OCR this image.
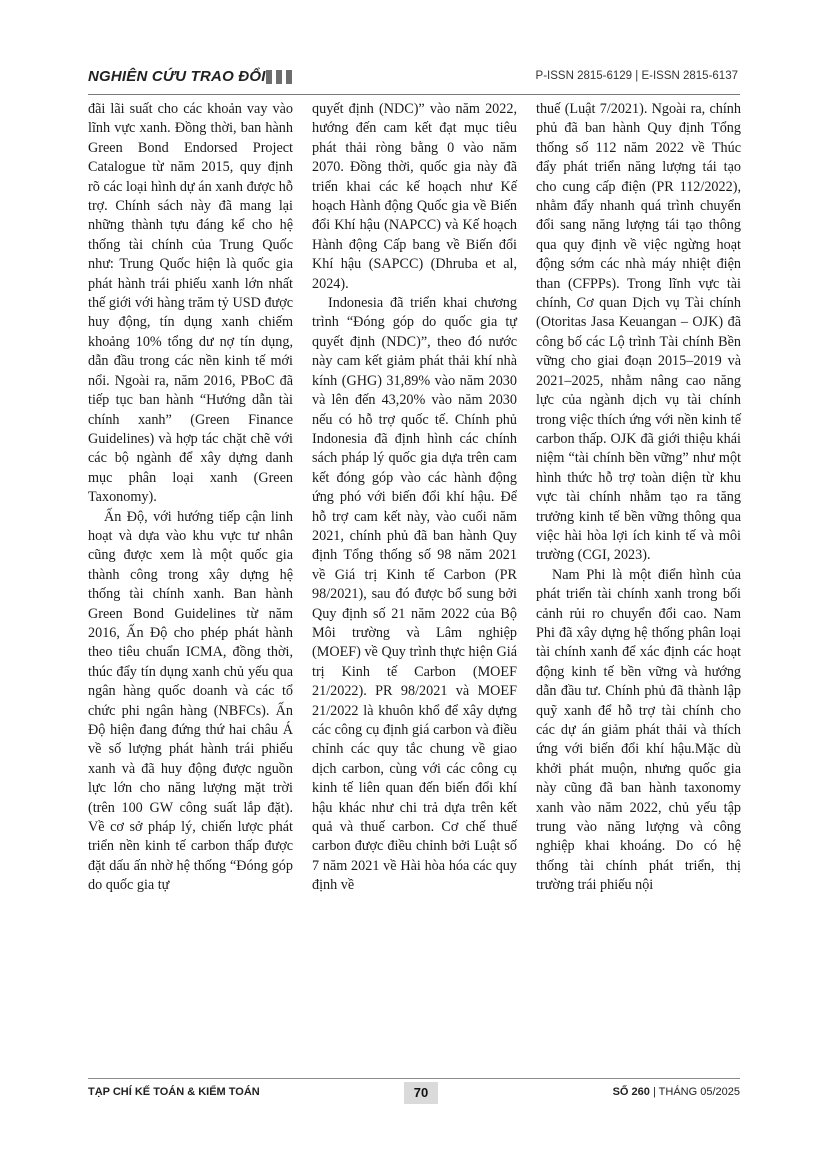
NGHIÊN CỨU TRAO ĐỔI	P-ISSN 2815-6129 | E-ISSN 2815-6137

đãi lãi suất cho các khoản vay vào lĩnh vực xanh. Đồng thời, ban hành Green Bond Endorsed Project Catalogue từ năm 2015, quy định rõ các loại hình dự án xanh được hỗ trợ. Chính sách này đã mang lại những thành tựu đáng kể cho hệ thống tài chính của Trung Quốc như: Trung Quốc hiện là quốc gia phát hành trái phiếu xanh lớn nhất thế giới với hàng trăm tỷ USD được huy động, tín dụng xanh chiếm khoảng 10% tổng dư nợ tín dụng, dẫn đầu trong các nền kinh tế mới nổi. Ngoài ra, năm 2016, PBoC đã tiếp tục ban hành “Hướng dẫn tài chính xanh” (Green Finance Guidelines) và hợp tác chặt chẽ với các bộ ngành để xây dựng danh mục phân loại xanh (Green Taxonomy).

Ấn Độ, với hướng tiếp cận linh hoạt và dựa vào khu vực tư nhân cũng được xem là một quốc gia thành công trong xây dựng hệ thống tài chính xanh. Ban hành Green Bond Guidelines từ năm 2016, Ấn Độ cho phép phát hành theo tiêu chuẩn ICMA, đồng thời, thúc đẩy tín dụng xanh chủ yếu qua ngân hàng quốc doanh và các tổ chức phi ngân hàng (NBFCs). Ấn Độ hiện đang đứng thứ hai châu Á về số lượng phát hành trái phiếu xanh và đã huy động được nguồn lực lớn cho năng lượng mặt trời (trên 100 GW công suất lắp đặt). Về cơ sở pháp lý, chiến lược phát triển nền kinh tế carbon thấp được đặt dấu ấn nhờ hệ thống “Đóng góp do quốc gia tự

quyết định (NDC)” vào năm 2022, hướng đến cam kết đạt mục tiêu phát thải ròng bằng 0 vào năm 2070. Đồng thời, quốc gia này đã triển khai các kế hoạch như Kế hoạch Hành động Quốc gia về Biến đổi Khí hậu (NAPCC) và Kế hoạch Hành động Cấp bang về Biến đổi Khí hậu (SAPCC) (Dhruba et al, 2024).

Indonesia đã triển khai chương trình “Đóng góp do quốc gia tự quyết định (NDC)”, theo đó nước này cam kết giảm phát thải khí nhà kính (GHG) 31,89% vào năm 2030 và lên đến 43,20% vào năm 2030 nếu có hỗ trợ quốc tế. Chính phủ Indonesia đã định hình các chính sách pháp lý quốc gia dựa trên cam kết đóng góp vào các hành động ứng phó với biến đổi khí hậu. Để hỗ trợ cam kết này, vào cuối năm 2021, chính phủ đã ban hành Quy định Tổng thống số 98 năm 2021 về Giá trị Kinh tế Carbon (PR 98/2021), sau đó được bổ sung bởi Quy định số 21 năm 2022 của Bộ Môi trường và Lâm nghiệp (MOEF) về Quy trình thực hiện Giá trị Kinh tế Carbon (MOEF 21/2022). PR 98/2021 và MOEF 21/2022 là khuôn khổ để xây dựng các công cụ định giá carbon và điều chỉnh các quy tắc chung về giao dịch carbon, cùng với các công cụ kinh tế liên quan đến biến đổi khí hậu khác như chi trả dựa trên kết quả và thuế carbon. Cơ chế thuế carbon được điều chỉnh bởi Luật số 7 năm 2021 về Hài hòa hóa các quy định về

thuế (Luật 7/2021). Ngoài ra, chính phủ đã ban hành Quy định Tổng thống số 112 năm 2022 về Thúc đẩy phát triển năng lượng tái tạo cho cung cấp điện (PR 112/2022), nhằm đẩy nhanh quá trình chuyển đổi sang năng lượng tái tạo thông qua quy định về việc ngừng hoạt động sớm các nhà máy nhiệt điện than (CFPPs). Trong lĩnh vực tài chính, Cơ quan Dịch vụ Tài chính (Otoritas Jasa Keuangan – OJK) đã công bố các Lộ trình Tài chính Bền vững cho giai đoạn 2015–2019 và 2021–2025, nhằm nâng cao năng lực của ngành dịch vụ tài chính trong việc thích ứng với nền kinh tế carbon thấp. OJK đã giới thiệu khái niệm “tài chính bền vững” như một hình thức hỗ trợ toàn diện từ khu vực tài chính nhằm tạo ra tăng trưởng kinh tế bền vững thông qua việc hài hòa lợi ích kinh tế và môi trường (CGI, 2023).

Nam Phi là một điển hình của phát triển tài chính xanh trong bối cảnh rủi ro chuyển đổi cao. Nam Phi đã xây dựng hệ thống phân loại tài chính xanh để xác định các hoạt động kinh tế bền vững và hướng dẫn đầu tư. Chính phủ đã thành lập quỹ xanh để hỗ trợ tài chính cho các dự án giảm phát thải và thích ứng với biến đổi khí hậu.Mặc dù khởi phát muộn, nhưng quốc gia này cũng đã ban hành taxonomy xanh vào năm 2022, chủ yếu tập trung vào năng lượng và công nghiệp khai khoáng. Do có hệ thống tài chính phát triển, thị trường trái phiếu nội

TẠP CHÍ KẾ TOÁN & KIỂM TOÁN	70	SỐ 260 | THÁNG 05/2025
